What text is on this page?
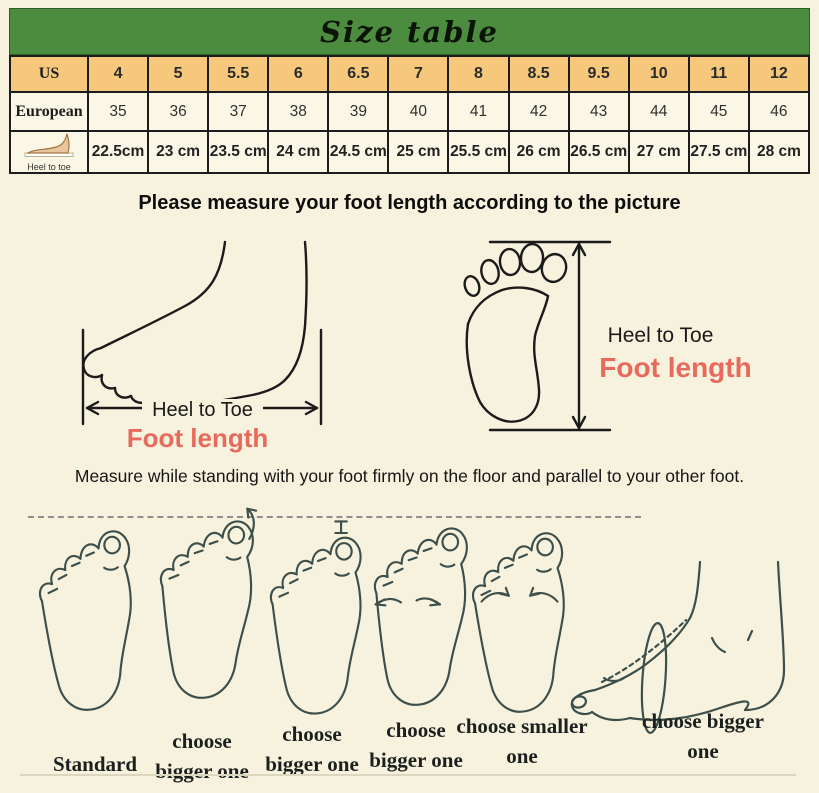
Size table
US	4	5	5.5	6	6.5	7	8	8.5	9.5	10	11	12
European	35	36	37	38	39	40	41	42	43	44	45	46

Heel to toe	22.5cm	23 cm	23.5 cm	24 cm	24.5 cm	25 cm	25.5 cm	26 cm	26.5 cm	27 cm	27.5 cm	28 cm
Please measure your foot length according to the picture
Heel to Toe
Foot length
Heel to Toe
Foot length
Measure while standing with your foot firmly on the floor and parallel to your other foot.
Standard
choose bigger one
choose bigger one
choose bigger one
choose smaller one
choose bigger one
